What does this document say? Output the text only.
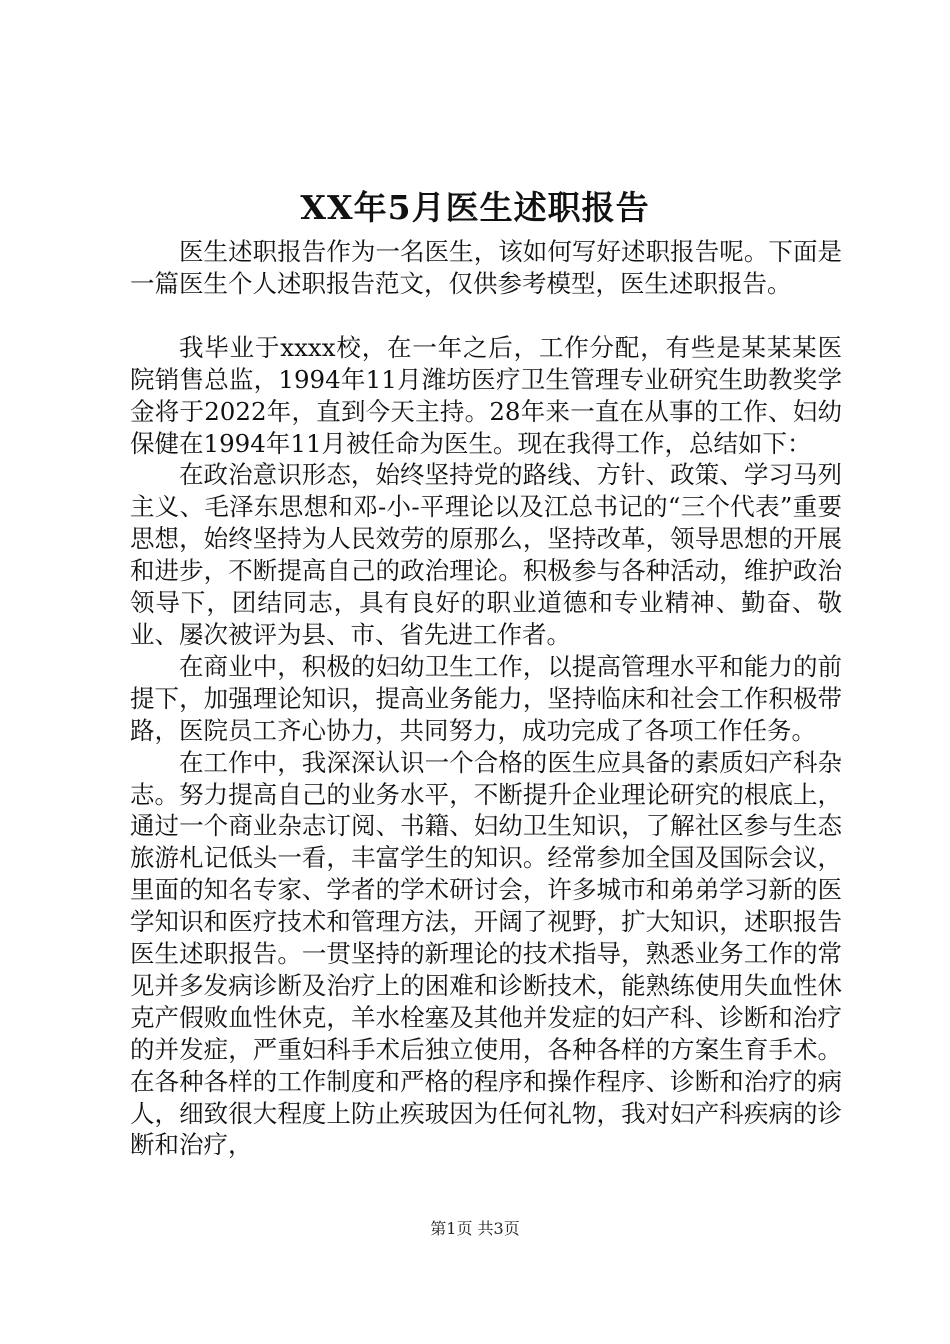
XX年5月医生述职报告

医生述职报告作为一名医生，该如何写好述职报告呢。下面是一篇医生个人述职报告范文，仅供参考模型，医生述职报告。

我毕业于xxxx校，在一年之后，工作分配，有些是某某某医院销售总监，1994年11月潍坊医疗卫生管理专业研究生助教奖学金将于2022年，直到今天主持。28年来一直在从事的工作、妇幼保健在1994年11月被任命为医生。现在我得工作，总结如下：

在政治意识形态，始终坚持党的路线、方针、政策、学习马列主义、毛泽东思想和邓-小-平理论以及江总书记的“三个代表”重要思想，始终坚持为人民效劳的原那么，坚持改革，领导思想的开展和进步，不断提高自己的政治理论。积极参与各种活动，维护政治领导下，团结同志，具有良好的职业道德和专业精神、勤奋、敬业、屡次被评为县、市、省先进工作者。

在商业中，积极的妇幼卫生工作，以提高管理水平和能力的前提下，加强理论知识，提高业务能力，坚持临床和社会工作积极带路，医院员工齐心协力，共同努力，成功完成了各项工作任务。

在工作中，我深深认识一个合格的医生应具备的素质妇产科杂志。努力提高自己的业务水平，不断提升企业理论研究的根底上，通过一个商业杂志订阅、书籍、妇幼卫生知识，了解社区参与生态旅游札记低头一看，丰富学生的知识。经常参加全国及国际会议，里面的知名专家、学者的学术研讨会，许多城市和弟弟学习新的医学知识和医疗技术和管理方法，开阔了视野，扩大知识，述职报告医生述职报告。一贯坚持的新理论的技术指导，熟悉业务工作的常见并多发病诊断及治疗上的困难和诊断技术，能熟练使用失血性休克产假败血性休克，羊水栓塞及其他并发症的妇产科、诊断和治疗的并发症，严重妇科手术后独立使用，各种各样的方案生育手术。在各种各样的工作制度和严格的程序和操作程序、诊断和治疗的病人，细致很大程度上防止疾玻因为任何礼物，我对妇产科疾病的诊断和治疗，

第1页 共3页
